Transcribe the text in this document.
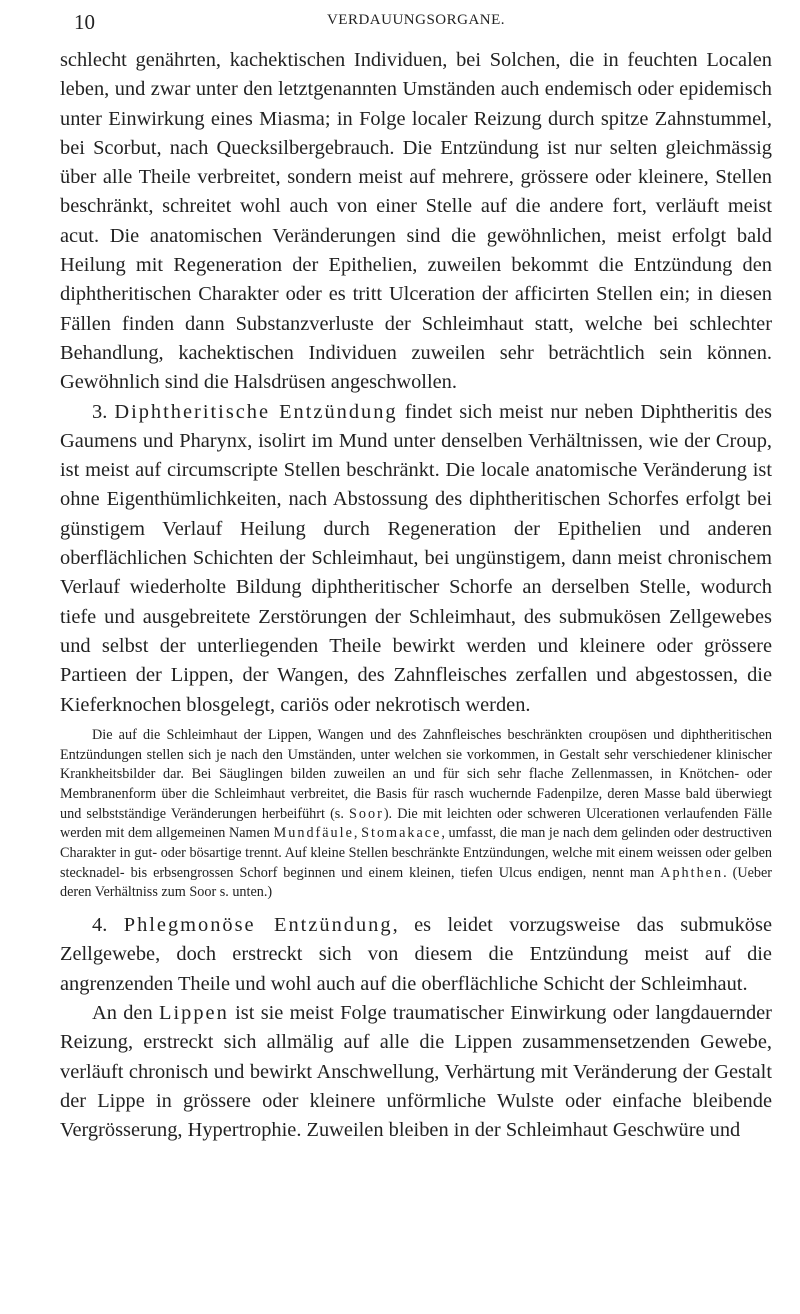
10	VERDAUUNGSORGANE.

schlecht genährten, kachektischen Individuen, bei Solchen, die in feuchten Localen leben, und zwar unter den letztgenannten Umständen auch endemisch oder epidemisch unter Einwirkung eines Miasma; in Folge localer Reizung durch spitze Zahnstummel, bei Scorbut, nach Quecksilbergebrauch. Die Entzündung ist nur selten gleichmässig über alle Theile verbreitet, sondern meist auf mehrere, grössere oder kleinere, Stellen beschränkt, schreitet wohl auch von einer Stelle auf die andere fort, verläuft meist acut. Die anatomischen Veränderungen sind die gewöhnlichen, meist erfolgt bald Heilung mit Regeneration der Epithelien, zuweilen bekommt die Entzündung den diphtheritischen Charakter oder es tritt Ulceration der afficirten Stellen ein; in diesen Fällen finden dann Substanzverluste der Schleimhaut statt, welche bei schlechter Behandlung, kachektischen Individuen zuweilen sehr beträchtlich sein können. Gewöhnlich sind die Halsdrüsen angeschwollen.

3. Diphtheritische Entzündung findet sich meist nur neben Diphtheritis des Gaumens und Pharynx, isolirt im Mund unter denselben Verhältnissen, wie der Croup, ist meist auf circumscripte Stellen beschränkt. Die locale anatomische Veränderung ist ohne Eigenthümlichkeiten, nach Abstossung des diphtheritischen Schorfes erfolgt bei günstigem Verlauf Heilung durch Regeneration der Epithelien und anderen oberflächlichen Schichten der Schleimhaut, bei ungünstigem, dann meist chronischem Verlauf wiederholte Bildung diphtheritischer Schorfe an derselben Stelle, wodurch tiefe und ausgebreitete Zerstörungen der Schleimhaut, des submukösen Zellgewebes und selbst der unterliegenden Theile bewirkt werden und kleinere oder grössere Partieen der Lippen, der Wangen, des Zahnfleisches zerfallen und abgestossen, die Kieferknochen blosgelegt, cariös oder nekrotisch werden.

Die auf die Schleimhaut der Lippen, Wangen und des Zahnfleisches beschränkten croupösen und diphtheritischen Entzündungen stellen sich je nach den Umständen, unter welchen sie vorkommen, in Gestalt sehr verschiedener klinischer Krankheitsbilder dar. Bei Säuglingen bilden zuweilen an und für sich sehr flache Zellenmassen, in Knötchen- oder Membranenform über die Schleimhaut verbreitet, die Basis für rasch wuchernde Fadenpilze, deren Masse bald überwiegt und selbstständige Veränderungen herbeiführt (s. Soor). Die mit leichten oder schweren Ulcerationen verlaufenden Fälle werden mit dem allgemeinen Namen Mundfäule, Stomakace, umfasst, die man je nach dem gelinden oder destructiven Charakter in gut- oder bösartige trennt. Auf kleine Stellen beschränkte Entzündungen, welche mit einem weissen oder gelben stecknadel- bis erbsengrossen Schorf beginnen und einem kleinen, tiefen Ulcus endigen, nennt man Aphthen. (Ueber deren Verhältniss zum Soor s. unten.)

4. Phlegmonöse Entzündung, es leidet vorzugsweise das submuköse Zellgewebe, doch erstreckt sich von diesem die Entzündung meist auf die angrenzenden Theile und wohl auch auf die oberflächliche Schicht der Schleimhaut.

An den Lippen ist sie meist Folge traumatischer Einwirkung oder langdauernder Reizung, erstreckt sich allmälig auf alle die Lippen zusammensetzenden Gewebe, verläuft chronisch und bewirkt Anschwellung, Verhärtung mit Veränderung der Gestalt der Lippe in grössere oder kleinere unförmliche Wulste oder einfache bleibende Vergrösserung, Hypertrophie. Zuweilen bleiben in der Schleimhaut Geschwüre und
